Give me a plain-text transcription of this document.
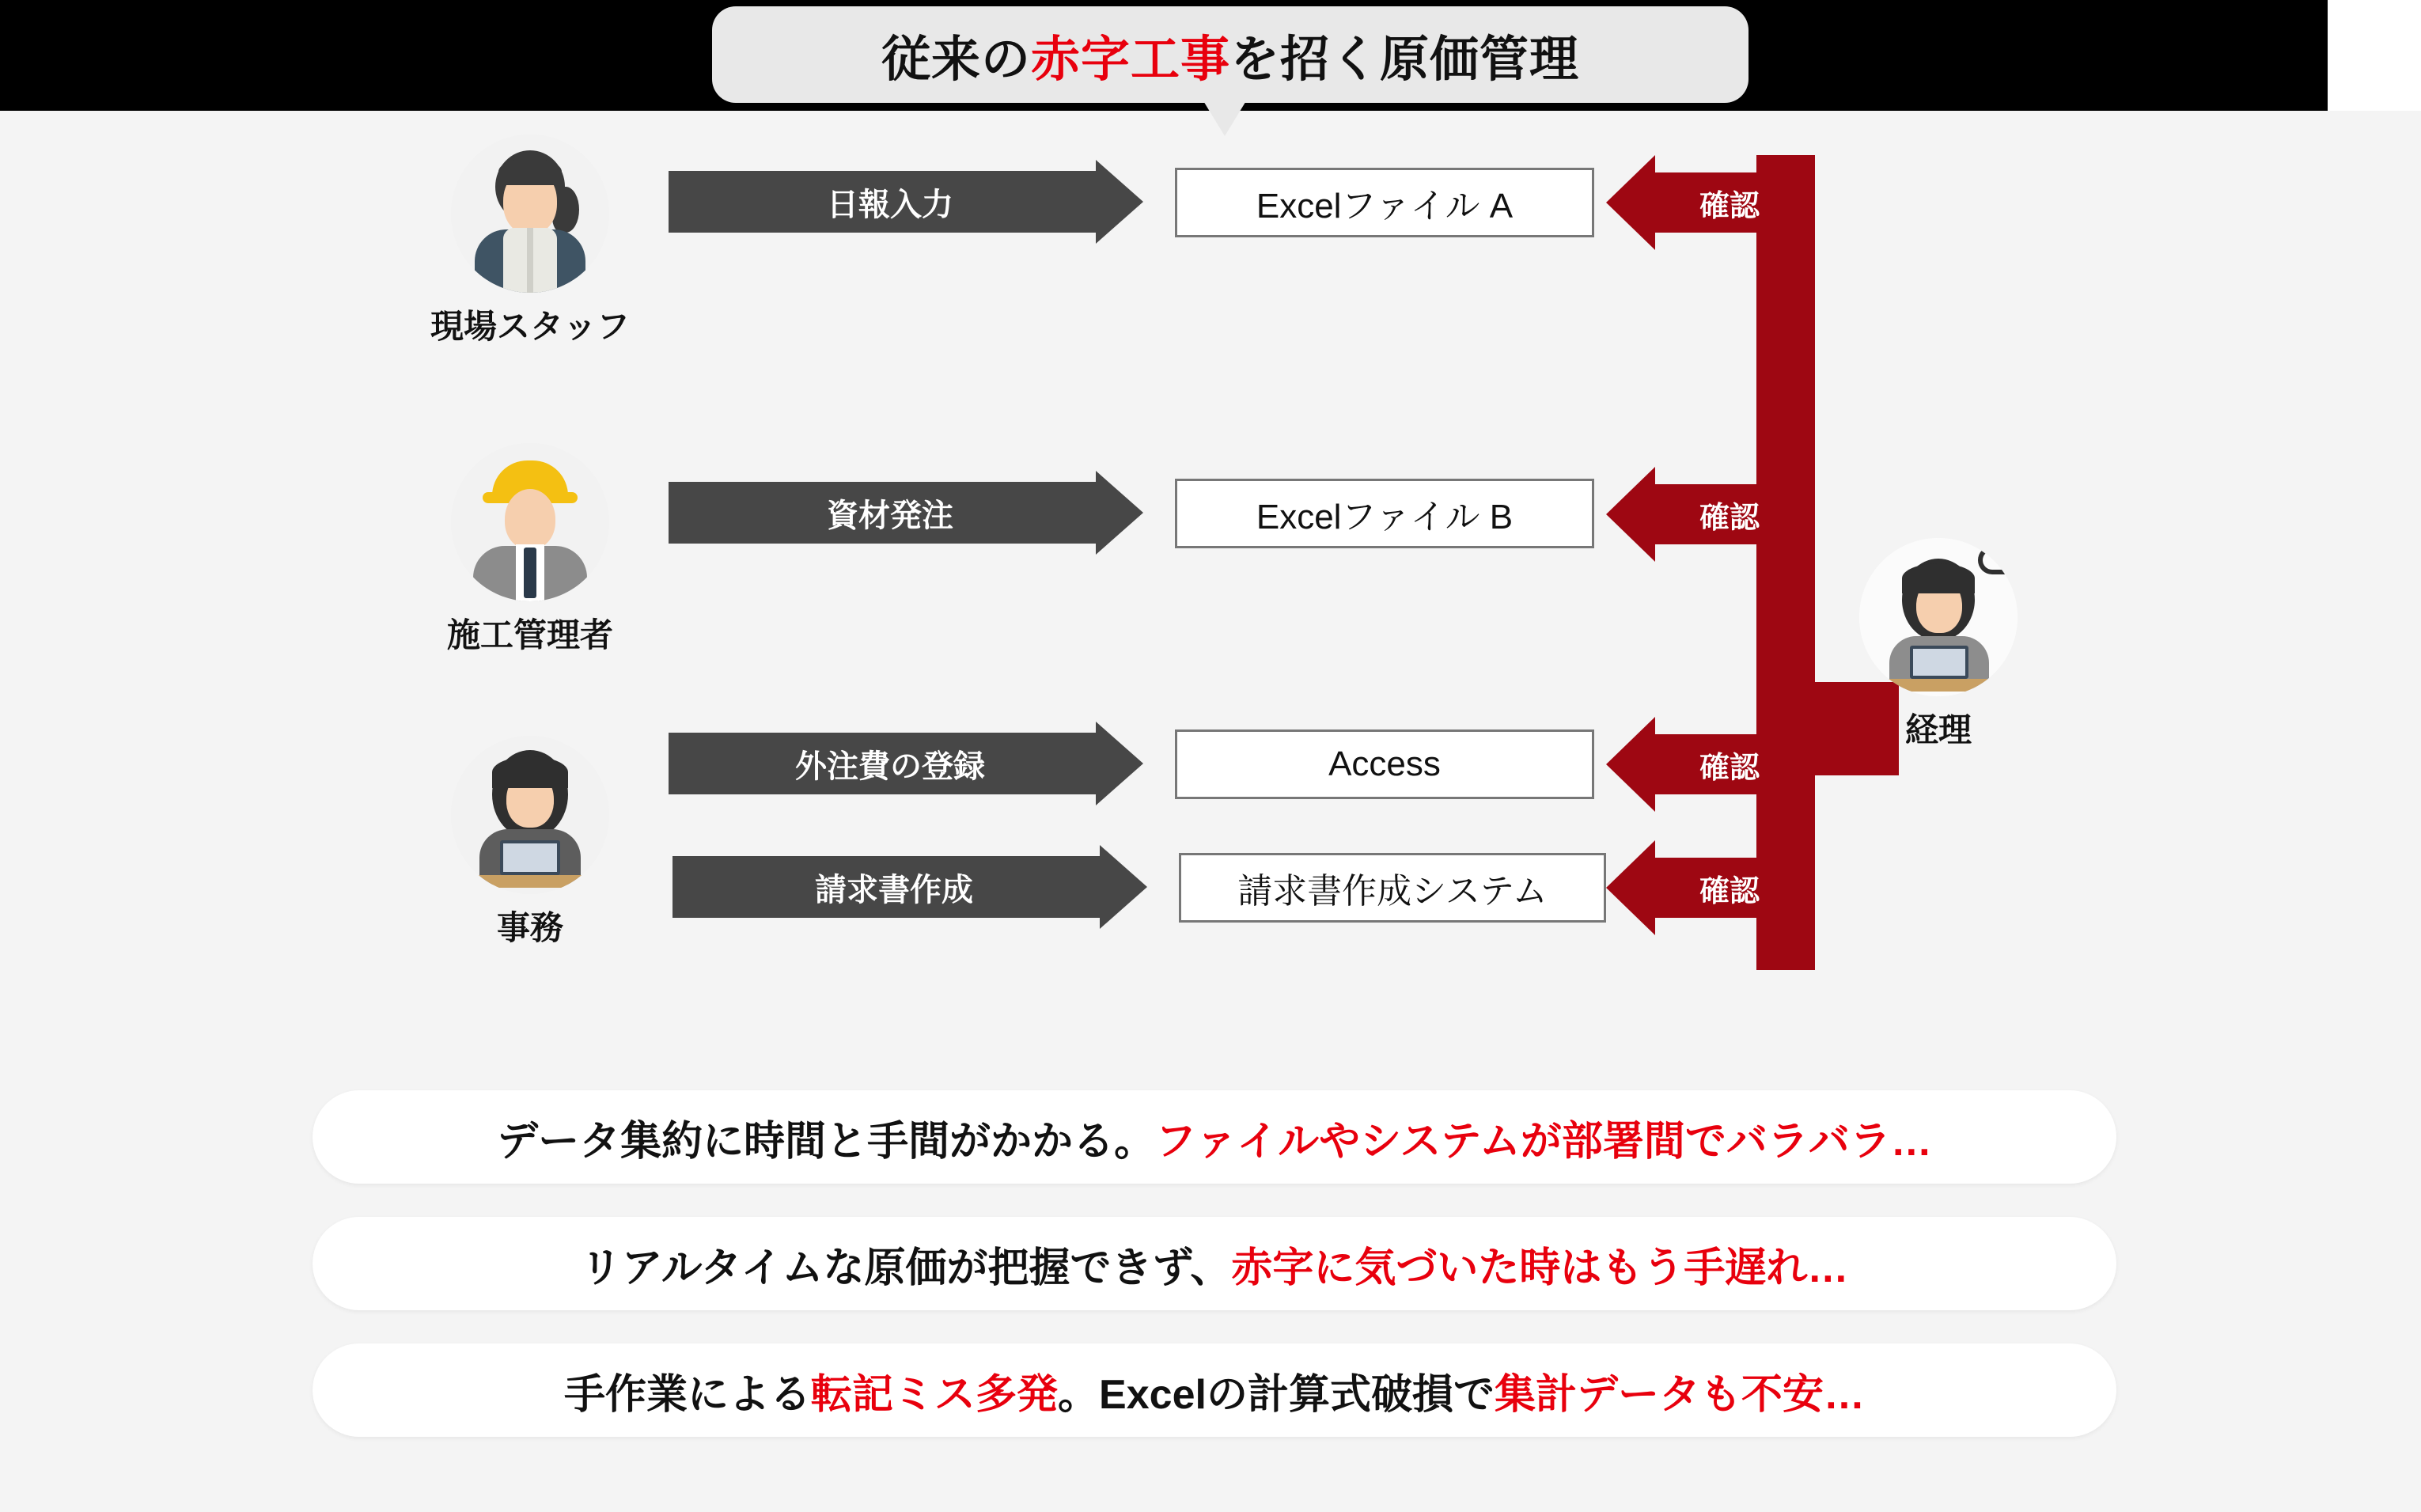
従来の赤字工事を招く原価管理
現場スタッフ
日報入力	Excelファイル A	確認
施工管理者
資材発注	Excelファイル B	確認
事務
外注費の登録	Access	確認
請求書作成	請求書作成システム	確認
経理
データ集約に時間と手間がかかる。ファイルやシステムが部署間でバラバラ…
リアルタイムな原価が把握できず、赤字に気づいた時はもう手遅れ…
手作業による転記ミス多発。Excelの計算式破損で集計データも不安…
